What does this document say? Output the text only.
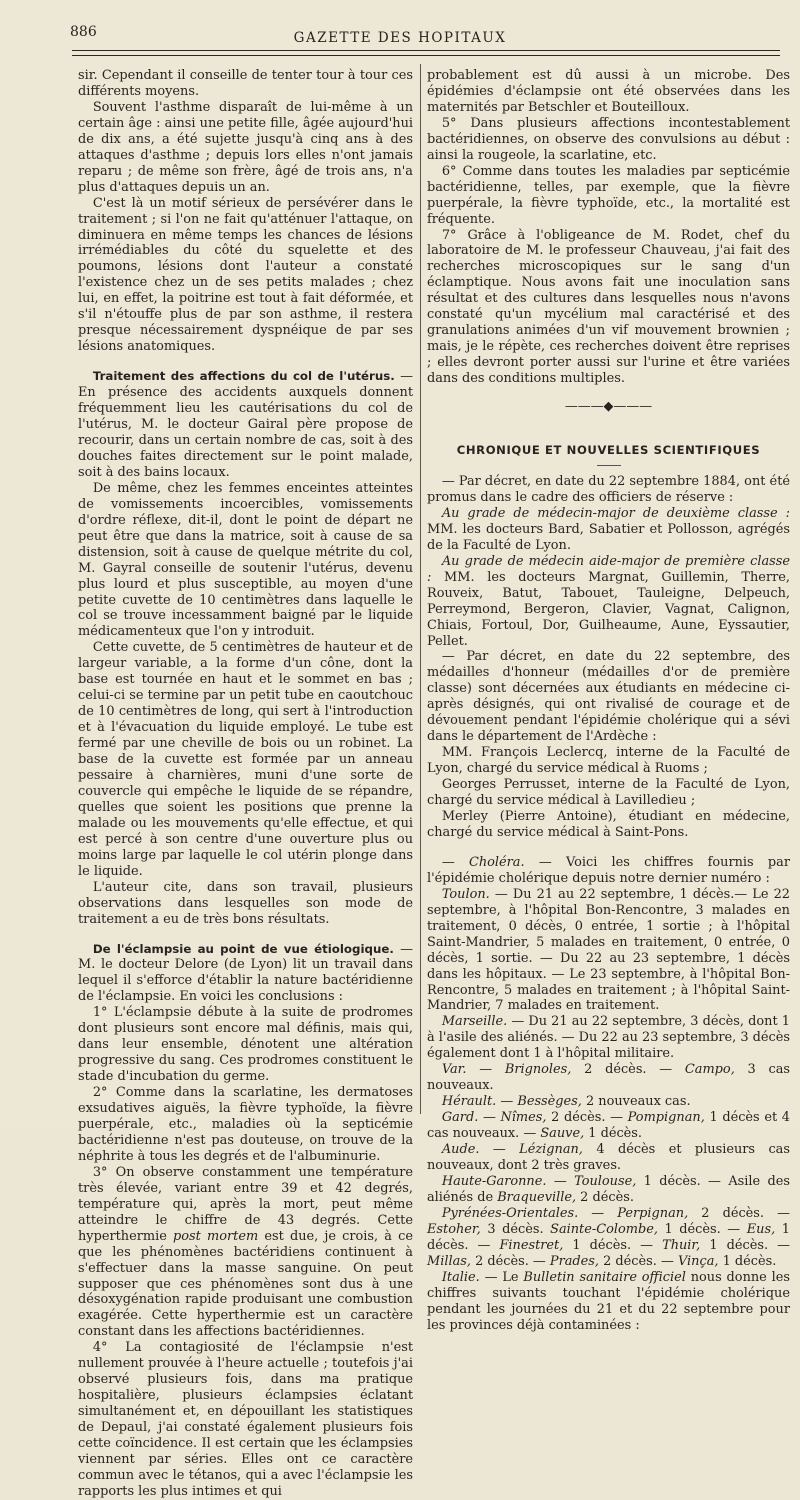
886	GAZETTE DES HOPITAUX

sir. Cependant il conseille de tenter tour à tour ces différents moyens.

Souvent l'asthme disparaît de lui-même à un certain âge : ainsi une petite fille, âgée aujourd'hui de dix ans, a été sujette jusqu'à cinq ans à des attaques d'asthme ; depuis lors elles n'ont jamais reparu ; de même son frère, âgé de trois ans, n'a plus d'attaques depuis un an.

C'est là un motif sérieux de persévérer dans le traitement ; si l'on ne fait qu'atténuer l'attaque, on diminuera en même temps les chances de lésions irrémédiables du côté du squelette et des poumons, lésions dont l'auteur a constaté l'existence chez un de ses petits malades ; chez lui, en effet, la poitrine est tout à fait déformée, et s'il n'étouffe plus de par son asthme, il restera presque nécessairement dyspnéique de par ses lésions anatomiques.

Traitement des affections du col de l'utérus. — En présence des accidents auxquels donnent fréquemment lieu les cautérisations du col de l'utérus, M. le docteur Gairal père propose de recourir, dans un certain nombre de cas, soit à des douches faites directement sur le point malade, soit à des bains locaux.

De même, chez les femmes enceintes atteintes de vomissements incoercibles, vomissements d'ordre réflexe, dit-il, dont le point de départ ne peut être que dans la matrice, soit à cause de sa distension, soit à cause de quelque métrite du col, M. Gayral conseille de soutenir l'utérus, devenu plus lourd et plus susceptible, au moyen d'une petite cuvette de 10 centimètres dans laquelle le col se trouve incessamment baigné par le liquide médicamenteux que l'on y introduit.

Cette cuvette, de 5 centimètres de hauteur et de largeur variable, a la forme d'un cône, dont la base est tournée en haut et le sommet en bas ; celui-ci se termine par un petit tube en caoutchouc de 10 centimètres de long, qui sert à l'introduction et à l'évacuation du liquide employé. Le tube est fermé par une cheville de bois ou un robinet. La base de la cuvette est formée par un anneau pessaire à charnières, muni d'une sorte de couvercle qui empêche le liquide de se répandre, quelles que soient les positions que prenne la malade ou les mouvements qu'elle effectue, et qui est percé à son centre d'une ouverture plus ou moins large par laquelle le col utérin plonge dans le liquide.

L'auteur cite, dans son travail, plusieurs observations dans lesquelles son mode de traitement a eu de très bons résultats.

De l'éclampsie au point de vue étiologique. — M. le docteur Delore (de Lyon) lit un travail dans lequel il s'efforce d'établir la nature bactéridienne de l'éclampsie. En voici les conclusions :

1° L'éclampsie débute à la suite de prodromes dont plusieurs sont encore mal définis, mais qui, dans leur ensemble, dénotent une altération progressive du sang. Ces prodromes constituent le stade d'incubation du germe.

2° Comme dans la scarlatine, les dermatoses exsudatives aiguës, la fièvre typhoïde, la fièvre puerpérale, etc., maladies où la septicémie bactéridienne n'est pas douteuse, on trouve de la néphrite à tous les degrés et de l'albuminurie.

3° On observe constamment une température très élevée, variant entre 39 et 42 degrés, température qui, après la mort, peut même atteindre le chiffre de 43 degrés. Cette hyperthermie post mortem est due, je crois, à ce que les phénomènes bactéridiens continuent à s'effectuer dans la masse sanguine. On peut supposer que ces phénomènes sont dus à une désoxygénation rapide produisant une combustion exagérée. Cette hyperthermie est un caractère constant dans les affections bactéridiennes.

4° La contagiosité de l'éclampsie n'est nullement prouvée à l'heure actuelle ; toutefois j'ai observé plusieurs fois, dans ma pratique hospitalière, plusieurs éclampsies éclatant simultanément et, en dépouillant les statistiques de Depaul, j'ai constaté également plusieurs fois cette coïncidence. Il est certain que les éclampsies viennent par séries. Elles ont ce caractère commun avec le tétanos, qui a avec l'éclampsie les rapports les plus intimes et qui

probablement est dû aussi à un microbe. Des épidémies d'éclampsie ont été observées dans les maternités par Betschler et Bouteilloux.

5° Dans plusieurs affections incontestablement bactéridiennes, on observe des convulsions au début : ainsi la rougeole, la scarlatine, etc.

6° Comme dans toutes les maladies par septicémie bactéridienne, telles, par exemple, que la fièvre puerpérale, la fièvre typhoïde, etc., la mortalité est fréquente.

7° Grâce à l'obligeance de M. Rodet, chef du laboratoire de M. le professeur Chauveau, j'ai fait des recherches microscopiques sur le sang d'un éclamptique. Nous avons fait une inoculation sans résultat et des cultures dans lesquelles nous n'avons constaté qu'un mycélium mal caractérisé et des granulations animées d'un vif mouvement brownien ; mais, je le répète, ces recherches doivent être reprises ; elles devront porter aussi sur l'urine et être variées dans des conditions multiples.

———◆———

CHRONIQUE ET NOUVELLES SCIENTIFIQUES

— Par décret, en date du 22 septembre 1884, ont été promus dans le cadre des officiers de réserve :

Au grade de médecin-major de deuxième classe : MM. les docteurs Bard, Sabatier et Pollosson, agrégés de la Faculté de Lyon.

Au grade de médecin aide-major de première classe : MM. les docteurs Margnat, Guillemin, Therre, Rouveix, Batut, Tabouet, Tauleigne, Delpeuch, Perreymond, Bergeron, Clavier, Vagnat, Calignon, Chiais, Fortoul, Dor, Guilheaume, Aune, Eyssautier, Pellet.

— Par décret, en date du 22 septembre, des médailles d'honneur (médailles d'or de première classe) sont décernées aux étudiants en médecine ci-après désignés, qui ont rivalisé de courage et de dévouement pendant l'épidémie cholérique qui a sévi dans le département de l'Ardèche :

MM. François Leclercq, interne de la Faculté de Lyon, chargé du service médical à Ruoms ;

Georges Perrusset, interne de la Faculté de Lyon, chargé du service médical à Lavilledieu ;

Merley (Pierre Antoine), étudiant en médecine, chargé du service médical à Saint-Pons.

— Choléra. — Voici les chiffres fournis par l'épidémie cholérique depuis notre dernier numéro :

Toulon. — Du 21 au 22 septembre, 1 décès.— Le 22 septembre, à l'hôpital Bon-Rencontre, 3 malades en traitement, 0 décès, 0 entrée, 1 sortie ; à l'hôpital Saint-Mandrier, 5 malades en traitement, 0 entrée, 0 décès, 1 sortie. — Du 22 au 23 septembre, 1 décès dans les hôpitaux. — Le 23 septembre, à l'hôpital Bon-Rencontre, 5 malades en traitement ; à l'hôpital Saint-Mandrier, 7 malades en traitement.

Marseille. — Du 21 au 22 septembre, 3 décès, dont 1 à l'asile des aliénés. — Du 22 au 23 septembre, 3 décès également dont 1 à l'hôpital militaire.

Var. — Brignoles, 2 décès. — Campo, 3 cas nouveaux.

Hérault. — Bessèges, 2 nouveaux cas.

Gard. — Nîmes, 2 décès. — Pompignan, 1 décès et 4 cas nouveaux. — Sauve, 1 décès.

Aude. — Lézignan, 4 décès et plusieurs cas nouveaux, dont 2 très graves.

Haute-Garonne. — Toulouse, 1 décès. — Asile des aliénés de Braqueville, 2 décès.

Pyrénées-Orientales. — Perpignan, 2 décès. — Estoher, 3 décès. Sainte-Colombe, 1 décès. — Eus, 1 décès. — Finestret, 1 décès. — Thuir, 1 décès. — Millas, 2 décès. — Prades, 2 décès. — Vinça, 1 décès.

Italie. — Le Bulletin sanitaire officiel nous donne les chiffres suivants touchant l'épidémie cholérique pendant les journées du 21 et du 22 septembre pour les provinces déjà contaminées :
